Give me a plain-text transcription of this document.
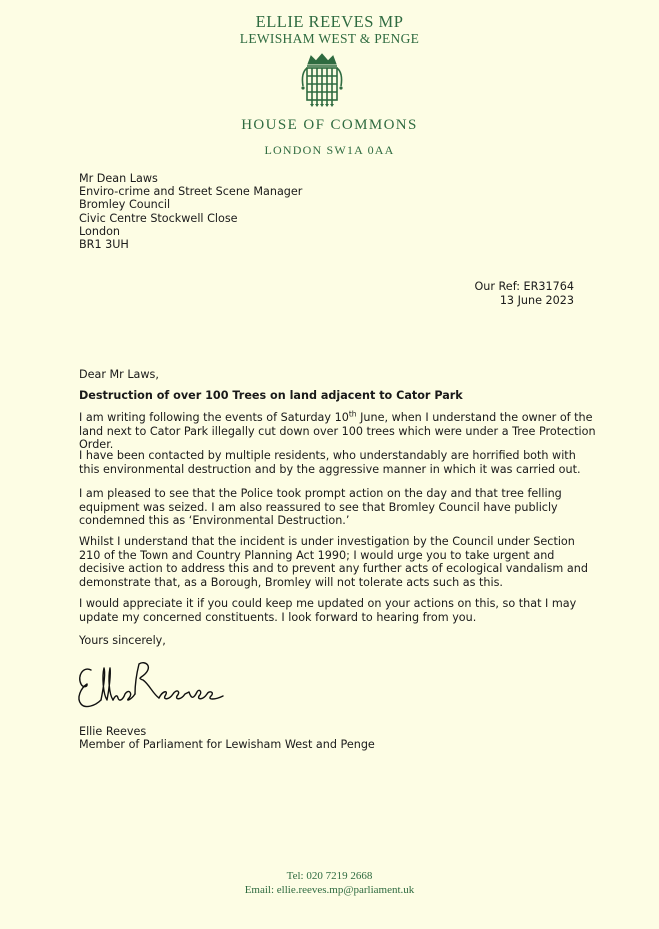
ELLIE REEVES MP
LEWISHAM WEST & PENGE
HOUSE OF COMMONS
LONDON SW1A 0AA
Mr Dean Laws
Enviro-crime and Street Scene Manager
Bromley Council
Civic Centre Stockwell Close
London
BR1 3UH
Our Ref: ER31764
13 June 2023

Dear Mr Laws,

Destruction of over 100 Trees on land adjacent to Cator Park

I am writing following the events of Saturday 10th June, when I understand the owner of the land next to Cator Park illegally cut down over 100 trees which were under a Tree Protection Order.

I have been contacted by multiple residents, who understandably are horrified both with this environmental destruction and by the aggressive manner in which it was carried out.

I am pleased to see that the Police took prompt action on the day and that tree felling equipment was seized. I am also reassured to see that Bromley Council have publicly condemned this as ‘Environmental Destruction.’

Whilst I understand that the incident is under investigation by the Council under Section 210 of the Town and Country Planning Act 1990; I would urge you to take urgent and decisive action to address this and to prevent any further acts of ecological vandalism and demonstrate that, as a Borough, Bromley will not tolerate acts such as this.

I would appreciate it if you could keep me updated on your actions on this, so that I may update my concerned constituents. I look forward to hearing from you.

Yours sincerely,

Ellie Reeves
Member of Parliament for Lewisham West and Penge
Tel: 020 7219 2668
Email: ellie.reeves.mp@parliament.uk
